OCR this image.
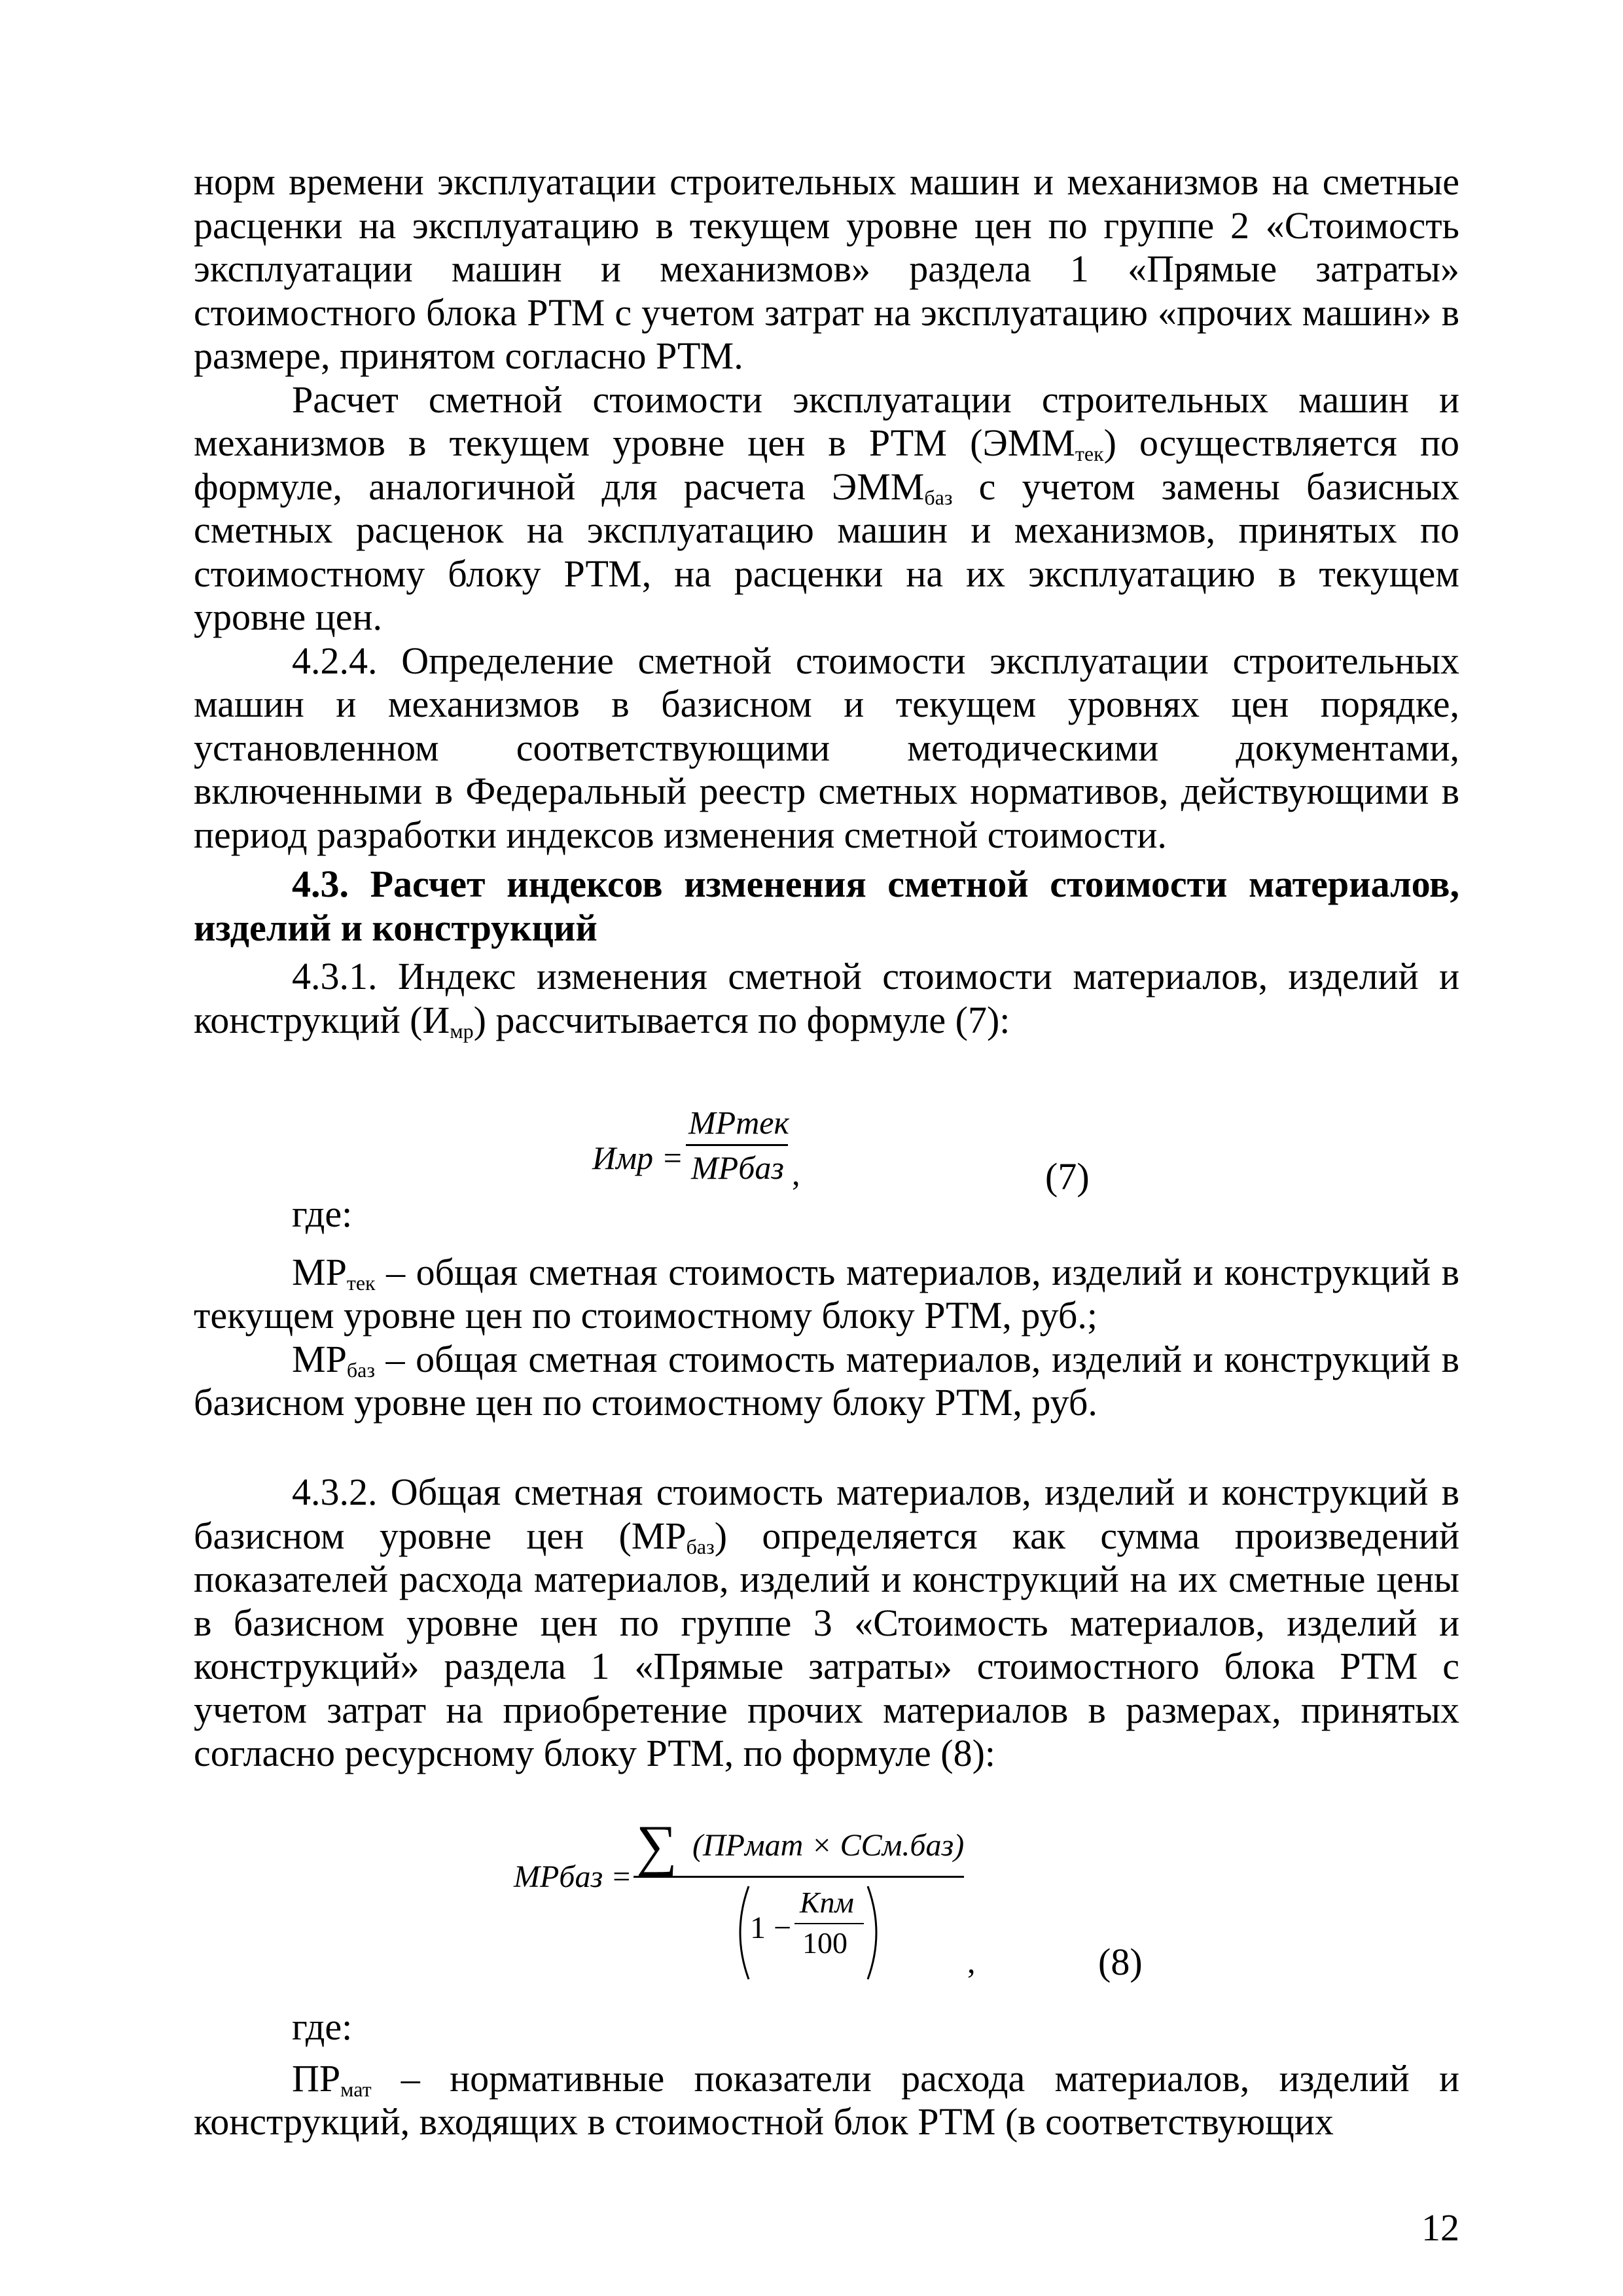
норм времени эксплуатации строительных машин и механизмов на сметные расценки на эксплуатацию в текущем уровне цен по группе 2 «Стоимость эксплуатации машин и механизмов» раздела 1 «Прямые затраты» стоимостного блока РТМ с учетом затрат на эксплуатацию «прочих машин» в размере, принятом согласно РТМ.

Расчет сметной стоимости эксплуатации строительных машин и механизмов в текущем уровне цен в РТМ $(ЭММ_{тек})$ осуществляется по формуле, аналогичной для расчета $ЭММ_{баз}$ с учетом замены базисных сметных расценок на эксплуатацию машин и механизмов, принятых по стоимостному блоку РТМ, на расценки на их эксплуатацию в текущем уровне цен.

4.2.4. Определение сметной стоимости эксплуатации строительных машин и механизмов в базисном и текущем уровнях цен порядке, установленном соответствующими методическими документами, включенными в Федеральный реестр сметных нормативов, действующими в период разработки индексов изменения сметной стоимости.

4.3. Расчет индексов изменения сметной стоимости материалов, изделий и конструкций

4.3.1. Индекс изменения сметной стоимости материалов, изделий и конструкций $(И_{мр})$ рассчитывается по формуле (7):

Имр =
МРтек
МРбаз ,	(7)

где:

$МР_{тек}$ – общая сметная стоимость материалов, изделий и конструкций в текущем уровне цен по стоимостному блоку РТМ, руб.;

$МР_{баз}$ – общая сметная стоимость материалов, изделий и конструкций в базисном уровне цен по стоимостному блоку РТМ, руб.

4.3.2. Общая сметная стоимость материалов, изделий и конструкций в базисном уровне цен $(МР_{баз})$ определяется как сумма произведений показателей расхода материалов, изделий и конструкций на их сметные цены в базисном уровне цен по группе 3 «Стоимость материалов, изделий и конструкций» раздела 1 «Прямые затраты» стоимостного блока РТМ с учетом затрат на приобретение прочих материалов в размерах, принятых согласно ресурсному блоку РТМ, по формуле (8):

МРбаз = ∑ (ПРмат × ССм.баз)
1 −
Кпм
100
,	(8)

где:

$ПР_{мат}$ – нормативные показатели расхода материалов, изделий и конструкций, входящих в стоимостной блок РТМ (в соответствующих

12
